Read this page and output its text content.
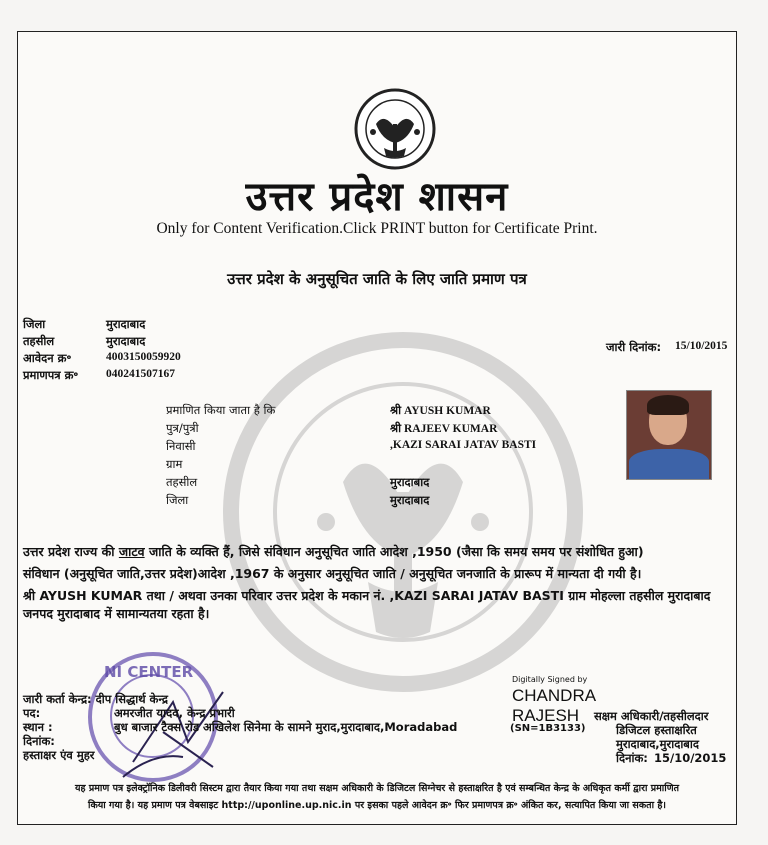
उत्तर प्रदेश शासन
Only for Content Verification.Click PRINT button for Certificate Print.
उत्तर प्रदेश के अनुसूचित जाति के लिए जाति प्रमाण पत्र
जिला	मुरादाबाद
तहसील	मुरादाबाद
आवेदन क्र॰	4003150059920
प्रमाणपत्र क्र॰ 040241507167
जारी दिनांक: 15/10/2015
प्रमाणित किया जाता है कि	श्री AYUSH KUMAR
पुत्र/पुत्री	श्री RAJEEV KUMAR
निवासी	,KAZI SARAI JATAV BASTI
ग्राम
तहसील	मुरादाबाद
जिला	मुरादाबाद
उत्तर प्रदेश राज्य की जाटव जाति के व्यक्ति हैं, जिसे संविधान अनुसूचित जाति आदेश ,1950 (जैसा कि समय समय पर संशोधित हुआ)
संविधान (अनुसूचित जाति,उत्तर प्रदेश)आदेश ,1967 के अनुसार अनुसूचित जाति / अनुसूचित जनजाति के प्रारूप में मान्यता दी गयी है।
श्री AYUSH KUMAR तथा / अथवा उनका परिवार उत्तर प्रदेश के मकान नं. ,KAZI SARAI JATAV BASTI ग्राम मोहल्ला तहसील मुरादाबाद
जनपद मुरादाबाद में सामान्यतया रहता है।
NI CENTER
जारी कर्ता केन्द्र: दीप सिद्धार्थ केन्द्र
पद:	अमरजीत यादव, केन्द्र प्रभारी
स्थान :	बुध बाजार टैक्स रोड अखिलेश सिनेमा के सामने मुराद,मुरादाबाद,Moradabad
दिनांक:
हस्ताक्षर एंव मुहर
Digitally Signed by
CHANDRA
RAJESH
(SN=1B3133)
सक्षम अधिकारी/तहसीलदार
डिजिटल हस्ताक्षरित
मुरादाबाद,मुरादाबाद
दिनांक: 15/10/2015
यह प्रमाण पत्र इलेक्ट्रॉनिक डिलीवरी सिस्टम द्वारा तैयार किया गया तथा सक्षम अधिकारी के डिजिटल सिग्नेचर से हस्ताक्षरित है एवं सम्बन्धित केन्द्र के अधिकृत कर्मी द्वारा प्रमाणित
किया गया है। यह प्रमाण पत्र वेबसाइट http://uponline.up.nic.in पर इसका पहले आवेदन क्र॰ फिर प्रमाणपत्र क्र॰ अंकित कर, सत्यापित किया जा सकता है।
